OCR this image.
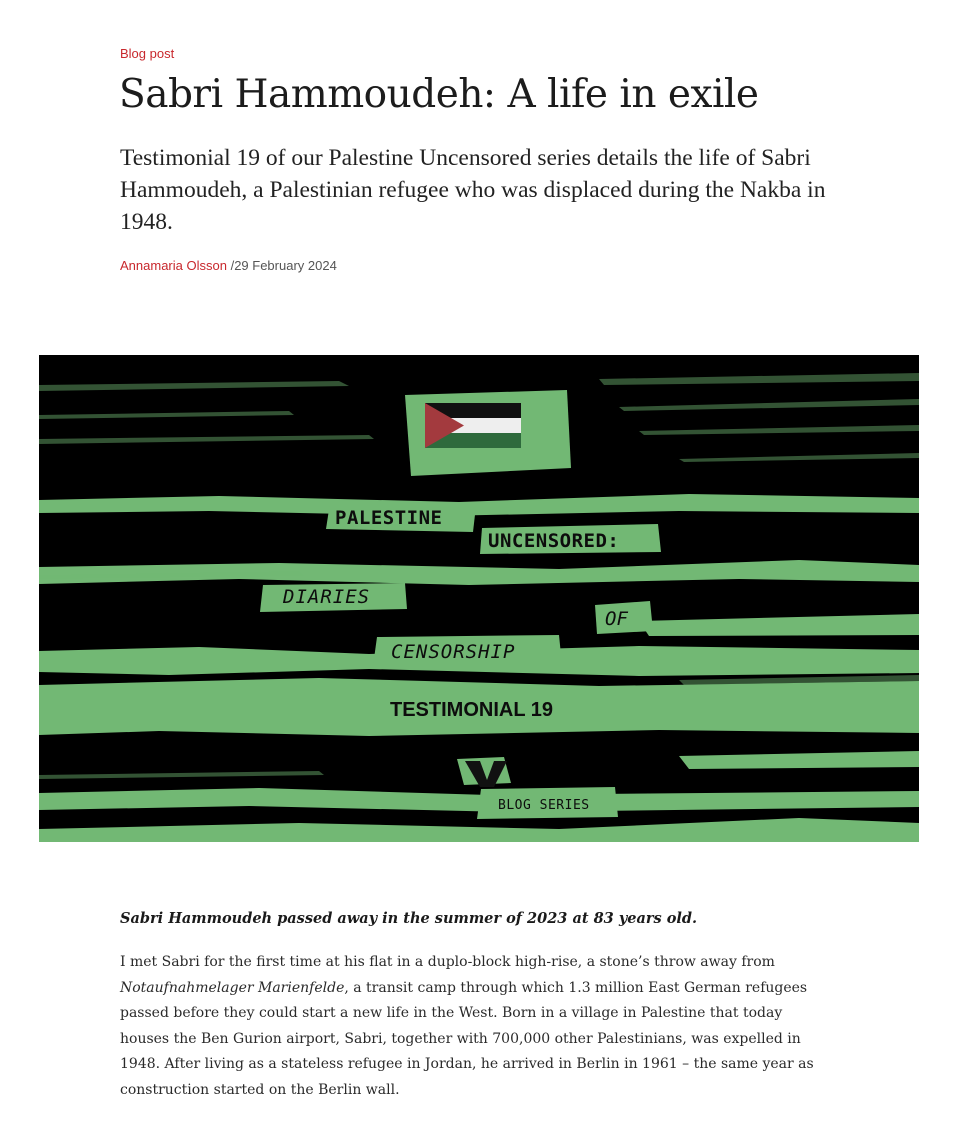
Blog post
Sabri Hammoudeh: A life in exile

Testimonial 19 of our Palestine Uncensored series details the life of Sabri Hammoudeh, a Palestinian refugee who was displaced during the Nakba in 1948.

Annamaria Olsson /29 February 2024
PALESTINE
UNCENSORED:
DIARIES
OF
CENSORSHIP
TESTIMONIAL 19
BLOG SERIES

Sabri Hammoudeh passed away in the summer of 2023 at 83 years old.

I met Sabri for the first time at his flat in a duplo-block high-rise, a stone’s throw away from Notaufnahmelager Marienfelde, a transit camp through which 1.3 million East German refugees passed before they could start a new life in the West. Born in a village in Palestine that today houses the Ben Gurion airport, Sabri, together with 700,000 other Palestinians, was expelled in 1948. After living as a stateless refugee in Jordan, he arrived in Berlin in 1961 – the same year as construction started on the Berlin wall.
